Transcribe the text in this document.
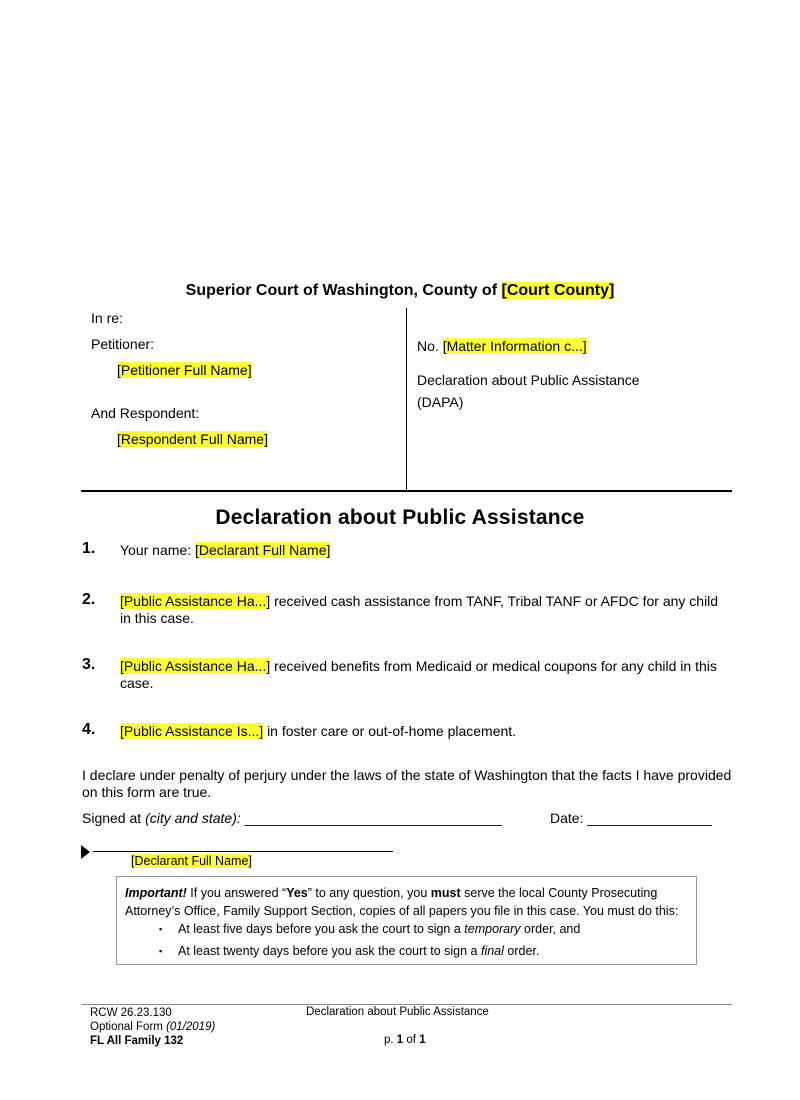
Superior Court of Washington, County of [Court County]
In re:
Petitioner:
[Petitioner Full Name]
And Respondent:
[Respondent Full Name]
No. [Matter Information c...]
Declaration about Public Assistance
(DAPA)
Declaration about Public Assistance
1. Your name: [Declarant Full Name]
2. [Public Assistance Ha...] received cash assistance from TANF, Tribal TANF or AFDC for any child in this case.
3. [Public Assistance Ha...] received benefits from Medicaid or medical coupons for any child in this case.
4. [Public Assistance Is...] in foster care or out-of-home placement.
I declare under penalty of perjury under the laws of the state of Washington that the facts I have provided on this form are true.
Signed at (city and state): _________________________________	Date: ________________
[Declarant Full Name]
Important! If you answered “Yes” to any question, you must serve the local County Prosecuting Attorney’s Office, Family Support Section, copies of all papers you file in this case. You must do this:
▪ At least five days before you ask the court to sign a temporary order, and
▪ At least twenty days before you ask the court to sign a final order.
RCW 26.23.130
Optional Form (01/2019)
FL All Family 132
Declaration about Public Assistance
p. 1 of 1
